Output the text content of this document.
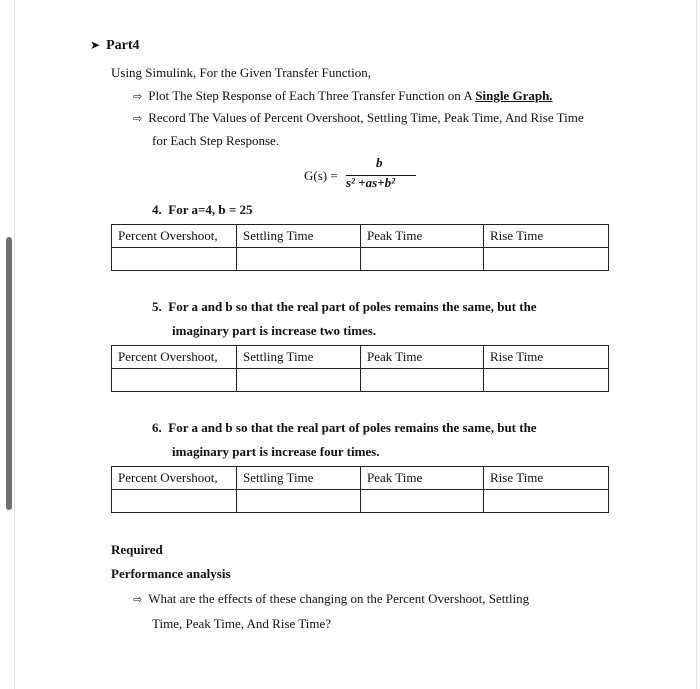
➤ Part4
Using Simulink, For the Given Transfer Function,
⇨ Plot The Step Response of Each Three Transfer Function on A Single Graph.
⇨ Record The Values of Percent Overshoot, Settling Time, Peak Time, And Rise Time
for Each Step Response.
G(s) =
b
s² +as+b²
4. For a=4, b = 25
Percent Overshoot,	Settling Time	Peak Time	Rise Time

5. For a and b so that the real part of poles remains the same, but the
imaginary part is increase two times.
Percent Overshoot,	Settling Time	Peak Time	Rise Time

6. For a and b so that the real part of poles remains the same, but the
imaginary part is increase four times.
Percent Overshoot,	Settling Time	Peak Time	Rise Time

Required
Performance analysis
⇨ What are the effects of these changing on the Percent Overshoot, Settling
Time, Peak Time, And Rise Time?
